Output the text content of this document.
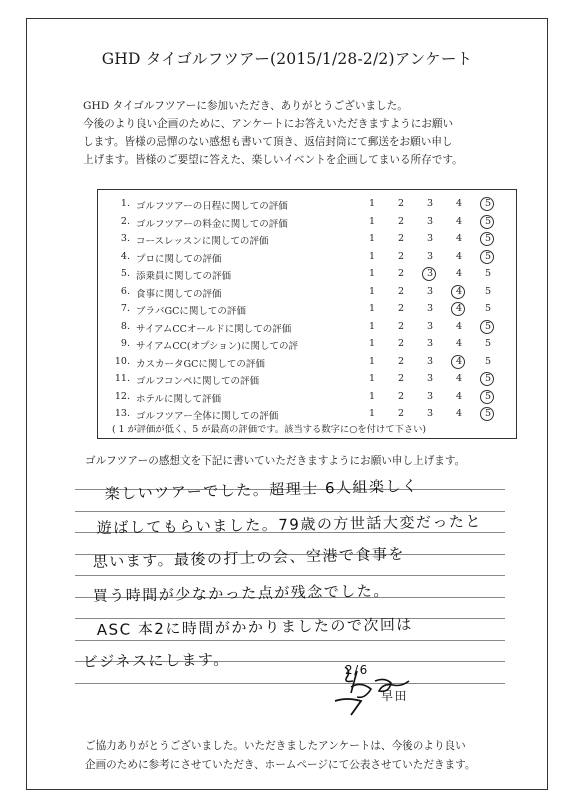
GHD タイゴルフツアー(2015/1/28-2/2)アンケート

GHD タイゴルフツアーに参加いただき、ありがとうございました。

今後のより良い企画のために、アンケートにお答えいただきますようにお願い

します。皆様の忌憚のない感想も書いて頂き、返信封筒にて郵送をお願い申し

上げます。皆様のご要望に答えた、楽しいイベントを企画してまいる所存です。

( 1 が評価が低く、5 が最高の評価です。該当する数字に○を付けて下さい)
1. ゴルフツアーの日程に関しての評価	1	2	3	4	5
2. ゴルフツアーの料金に関しての評価	1	2	3	4	5
3. コースレッスンに関しての評価	1	2	3	4	5
4. プロに関しての評価	1	2	3	4	5
5. 添乗員に関しての評価	1	2	3	4	5
6. 食事に関しての評価	1	2	3	4	5
7. ブラバGCに関しての評価	1	2	3	4	5
8. サイアムCCオールドに関しての評価	1	2	3	4	5
9. サイアムCC(オプション)に関しての評	1	2	3	4	5
10. カスカータGCに関しての評価	1	2	3	4	5
11. ゴルフコンペに関しての評価	1	2	3	4	5
12. ホテルに関して評価	1	2	3	4	5
13. ゴルフツアー全体に関しての評価	1	2	3	4	5
ゴルフツアーの感想文を下記に書いていただきますようにお願い申し上げます。
楽しいツアーでした。超理士 6人組楽しく
遊ばしてもらいました。79歳の方世話大変だったと
思います。最後の打上の会、空港で食事を
買う時間が少なかった点が残念でした。
ASC 本2に時間がかかりましたので次回は
ビジネスにします。	2/6
早田

ご協力ありがとうございました。いただきましたアンケートは、今後のより良い

企画のために参考にさせていただき、ホームページにて公表させていただきます。
